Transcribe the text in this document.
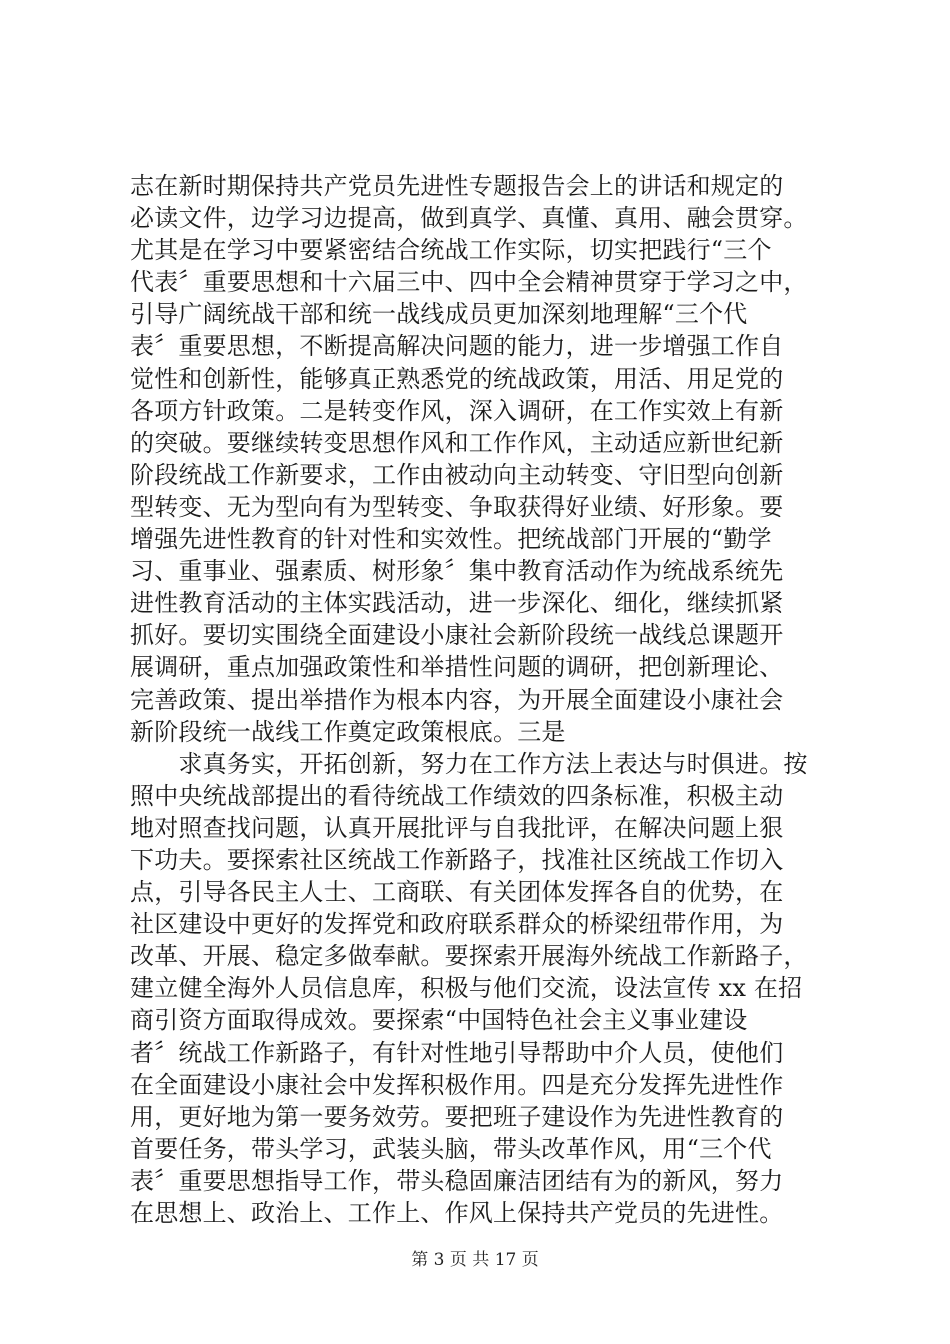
志在新时期保持共产党员先进性专题报告会上的讲话和规定的
必读文件，边学习边提高，做到真学、真懂、真用、融会贯穿。
尤其是在学习中要紧密结合统战工作实际，切实把践行“三个
代表〞重要思想和十六届三中、四中全会精神贯穿于学习之中，
引导广阔统战干部和统一战线成员更加深刻地理解“三个代
表〞重要思想，不断提高解决问题的能力，进一步增强工作自
觉性和创新性，能够真正熟悉党的统战政策，用活、用足党的
各项方针政策。二是转变作风，深入调研，在工作实效上有新
的突破。要继续转变思想作风和工作作风，主动适应新世纪新
阶段统战工作新要求，工作由被动向主动转变、守旧型向创新
型转变、无为型向有为型转变、争取获得好业绩、好形象。要
增强先进性教育的针对性和实效性。把统战部门开展的“勤学
习、重事业、强素质、树形象〞集中教育活动作为统战系统先
进性教育活动的主体实践活动，进一步深化、细化，继续抓紧
抓好。要切实围绕全面建设小康社会新阶段统一战线总课题开
展调研，重点加强政策性和举措性问题的调研，把创新理论、
完善政策、提出举措作为根本内容，为开展全面建设小康社会
新阶段统一战线工作奠定政策根底。三是
　　求真务实，开拓创新，努力在工作方法上表达与时俱进。按
照中央统战部提出的看待统战工作绩效的四条标准，积极主动
地对照查找问题，认真开展批评与自我批评，在解决问题上狠
下功夫。要探索社区统战工作新路子，找准社区统战工作切入
点，引导各民主人士、工商联、有关团体发挥各自的优势，在
社区建设中更好的发挥党和政府联系群众的桥梁纽带作用，为
改革、开展、稳定多做奉献。要探索开展海外统战工作新路子，
建立健全海外人员信息库，积极与他们交流，设法宣传 xx 在招
商引资方面取得成效。要探索“中国特色社会主义事业建设
者〞统战工作新路子，有针对性地引导帮助中介人员，使他们
在全面建设小康社会中发挥积极作用。四是充分发挥先进性作
用，更好地为第一要务效劳。要把班子建设作为先进性教育的
首要任务，带头学习，武装头脑，带头改革作风，用“三个代
表〞重要思想指导工作，带头稳固廉洁团结有为的新风，努力
在思想上、政治上、工作上、作风上保持共产党员的先进性。
第 3 页 共 17 页
